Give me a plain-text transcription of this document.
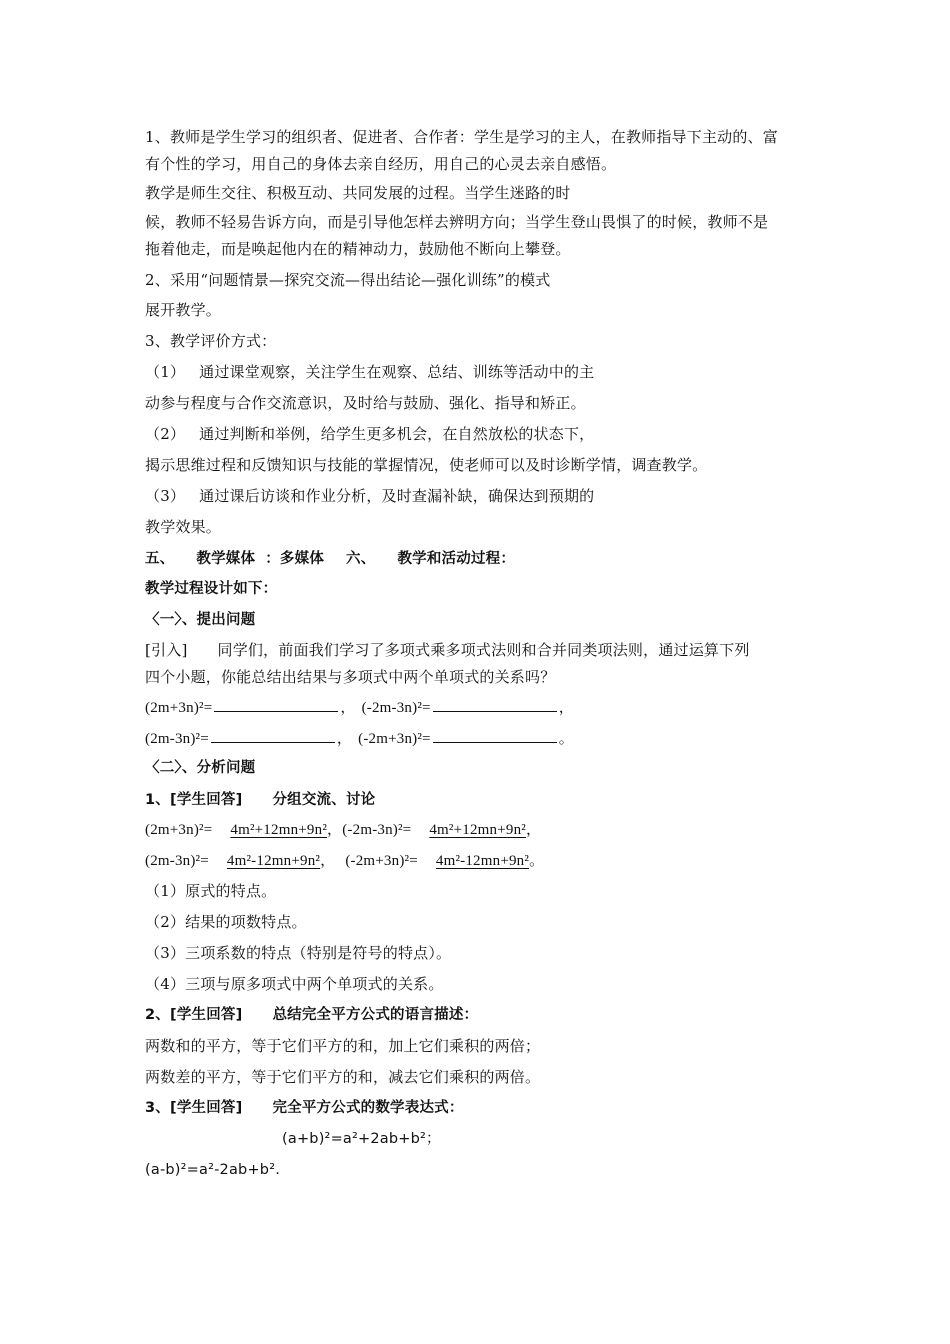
1、教师是学生学习的组织者、促进者、合作者：学生是学习的主人，在教师指导下主动的、富
有个性的学习，用自己的身体去亲自经历，用自己的心灵去亲自感悟。
教学是师生交往、积极互动、共同发展的过程。当学生迷路的时
候，教师不轻易告诉方向，而是引导他怎样去辨明方向；当学生登山畏惧了的时候，教师不是
拖着他走，而是唤起他内在的精神动力，鼓励他不断向上攀登。
2、采用“问题情景—探究交流—得出结论—强化训练”的模式
展开教学。
3、教学评价方式：
（1） 通过课堂观察，关注学生在观察、总结、训练等活动中的主
动参与程度与合作交流意识，及时给与鼓励、强化、指导和矫正。
（2） 通过判断和举例，给学生更多机会，在自然放松的状态下，
揭示思维过程和反馈知识与技能的掌握情况，使老师可以及时诊断学情，调查教学。
（3） 通过课后访谈和作业分析，及时查漏补缺，确保达到预期的
教学效果。
五、 教学媒体 ：多媒体 六、 教学和活动过程：
教学过程设计如下：
〈一〉、提出问题
[引入] 同学们，前面我们学习了多项式乘多项式法则和合并同类项法则，通过运算下列
四个小题，你能总结出结果与多项式中两个单项式的关系吗？
(2m+3n)²=	， (-2m-3n)²=	，
(2m-3n)²=	， (-2m+3n)²=	。
〈二〉、分析问题
1、[学生回答] 分组交流、讨论
(2m+3n)²= 4m²+12mn+9n²，(-2m-3n)²= 4m²+12mn+9n²，
(2m-3n)²= 4m²-12mn+9n²， (-2m+3n)²= 4m²-12mn+9n²。
（1）原式的特点。
（2）结果的项数特点。
（3）三项系数的特点（特别是符号的特点）。
（4）三项与原多项式中两个单项式的关系。
2、[学生回答] 总结完全平方公式的语言描述：
两数和的平方，等于它们平方的和，加上它们乘积的两倍；
两数差的平方，等于它们平方的和，减去它们乘积的两倍。
3、[学生回答] 完全平方公式的数学表达式：
(a+b)²=a²+2ab+b²；
(a-b)²=a²-2ab+b².
